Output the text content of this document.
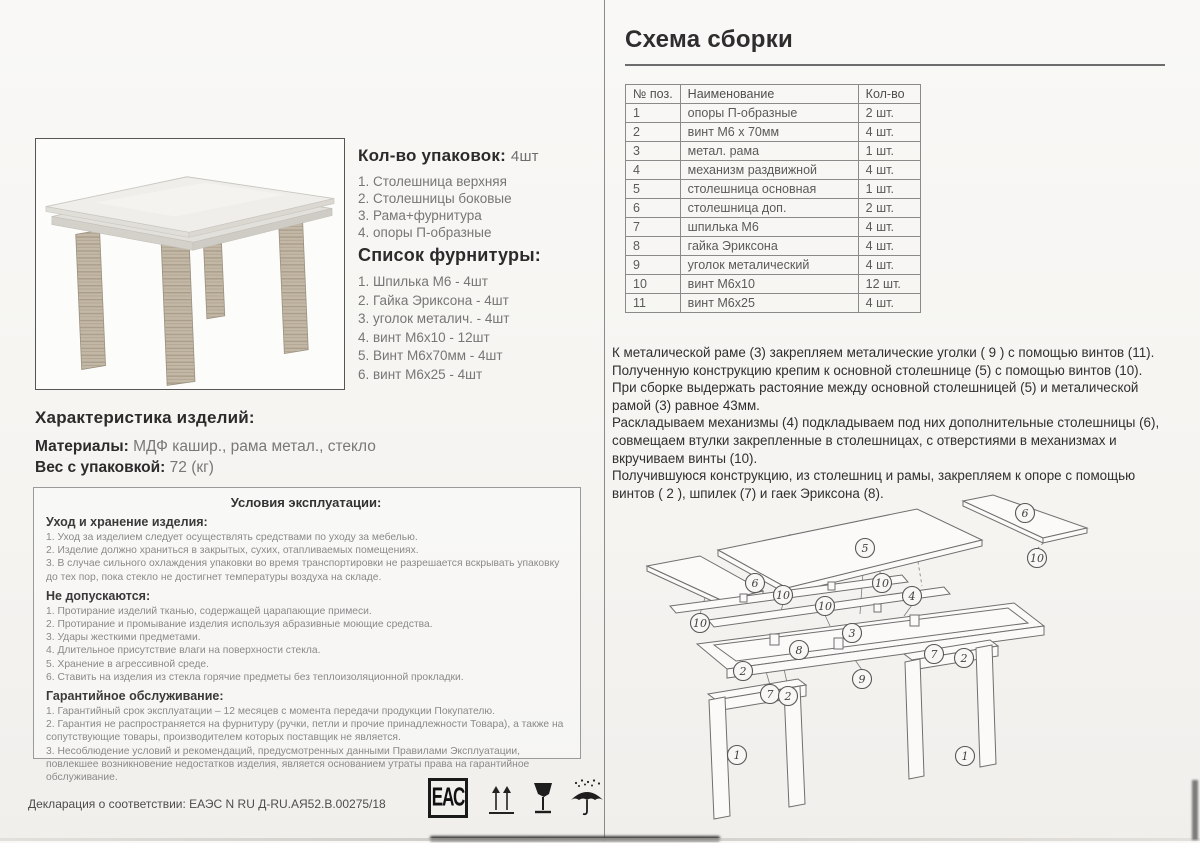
Кол-во упаковок: 4шт
1. Столешница верхняя
2. Столешницы боковые
3. Рама+фурнитура
4. опоры П-образные
Список фурнитуры:
1. Шпилька М6 - 4шт
2. Гайка Эриксона - 4шт
3. уголок металич. - 4шт
4. винт М6х10 - 12шт
5. Винт М6х70мм - 4шт
6. винт М6х25 - 4шт
Характеристика изделий:
Материалы: МДФ кашир., рама метал., стекло
Вес с упаковкой: 72 (кг)
Условия эксплуатации:
Уход и хранение изделия:
1. Уход за изделием следует осуществлять средствами по уходу за мебелью.
2. Изделие должно храниться в закрытых, сухих, отапливаемых помещениях.
3. В случае сильного охлаждения упаковки во время транспортировки не разрешается вскрывать упаковку до тех пор, пока стекло не достигнет температуры воздуха на складе.
Не допускаются:
1. Протирание изделий тканью, содержащей царапающие примеси.
2. Протирание и промывание изделия используя абразивные моющие средства.
3. Удары жесткими предметами.
4. Длительное присутствие влаги на поверхности стекла.
5. Хранение в агрессивной среде.
6. Ставить на изделия из стекла горячие предметы без теплоизоляционной прокладки.
Гарантийное обслуживание:
1. Гарантийный срок эксплуатации – 12 месяцев с момента передачи продукции Покупателю.
2. Гарантия не распространяется на фурнитуру (ручки, петли и прочие принадлежности Товара), а также на сопутствующие товары, производителем которых поставщик не является.
3. Несоблюдение условий и рекомендаций, предусмотренных данными Правилами Эксплуатации, повлекшее возникновение недостатков изделия, является основанием утраты права на гарантийное обслуживание.
Декларация о соответствии: ЕАЭС N RU Д-RU.АЯ52.В.00275/18	ЕАС
Схема сборки
№ поз.	Наименование	Кол-во
1	опоры П-образные	2 шт.
2	винт М6 х 70мм	4 шт.
3	метал. рама	1 шт.
4	механизм раздвижной	4 шт.
5	столешница основная	1 шт.
6	столешница доп.	2 шт.
7	шпилька М6	4 шт.
8	гайка Эриксона	4 шт.
9	уголок металический	4 шт.
10	винт М6х10	12 шт.
11	винт М6х25	4 шт.
К металической раме (3) закрепляем металические уголки ( 9 ) с помощью винтов (11).
Полученную конструкцию крепим к основной столешнице (5) с помощью винтов (10).
При сборке выдержать растояние между основной столешницей (5) и металической рамой (3) равное 43мм.
Раскладываем механизмы (4) подкладываем под них дополнительные столешницы (6), совмещаем втулки закрепленные в столешницах, с отверстиями в механизмах и вкручиваем винты (10).
Получившуюся конструкцию, из столешниц и рамы, закрепляем к опоре с помощью винтов ( 2 ), шпилек (7) и гаек Эриксона (8).
6
10
5
10
10
10
4
6
10
3
8
9
7 2
2
7 2
1	1
